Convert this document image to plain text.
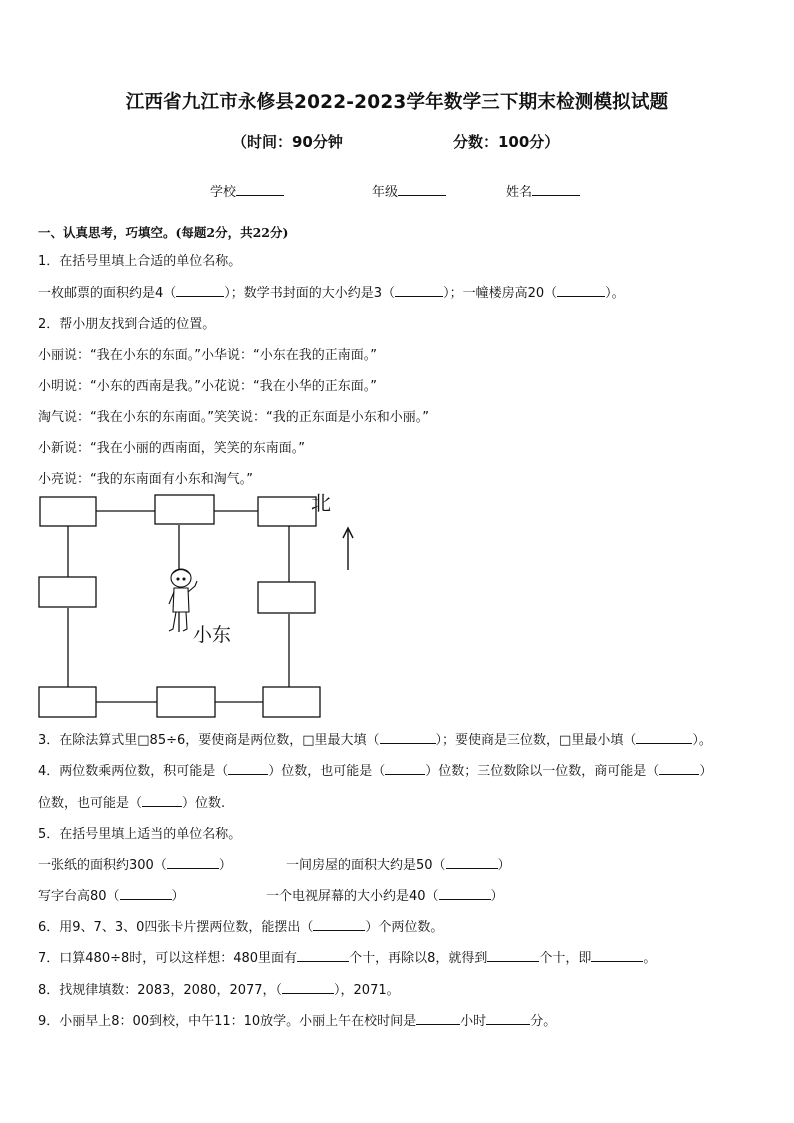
江西省九江市永修县2022-2023学年数学三下期末检测模拟试题
（时间：90分钟	分数：100分）
学校	年级	姓名
一、认真思考，巧填空。(每题2分，共22分)
1．在括号里填上合适的单位名称。
一枚邮票的面积约是4（	）；数学书封面的大小约是3（	）；一幢楼房高20（	）。
2．帮小朋友找到合适的位置。
小丽说：“我在小东的东面。”小华说：“小东在我的正南面。”
小明说：“小东的西南是我。”小花说：“我在小华的正东面。”
淘气说：“我在小东的东南面。”笑笑说：“我的正东面是小东和小丽。”
小新说：“我在小丽的西南面，笑笑的东南面。”
小亮说：“我的东南面有小东和淘气。”
北
小东
3．在除法算式里□85÷6，要使商是两位数，□里最大填（	）；要使商是三位数，□里最小填（	）。
4．两位数乘两位数，积可能是（	）位数，也可能是（	）位数；三位数除以一位数，商可能是（	）
位数，也可能是（	）位数.
5．在括号里填上适当的单位名称。
一张纸的面积约300（	）	一间房屋的面积大约是50（	）
写字台高80（	）	一个电视屏幕的大小约是40（	）
6．用9、7、3、0四张卡片摆两位数，能摆出（	）个两位数。
7．口算480÷8时，可以这样想：480里面有	个十，再除以8，就得到	个十，即	。
8．找规律填数：2083，2080，2077，（	），2071。
9．小丽早上8：00到校，中午11：10放学。小丽上午在校时间是	小时	分。
